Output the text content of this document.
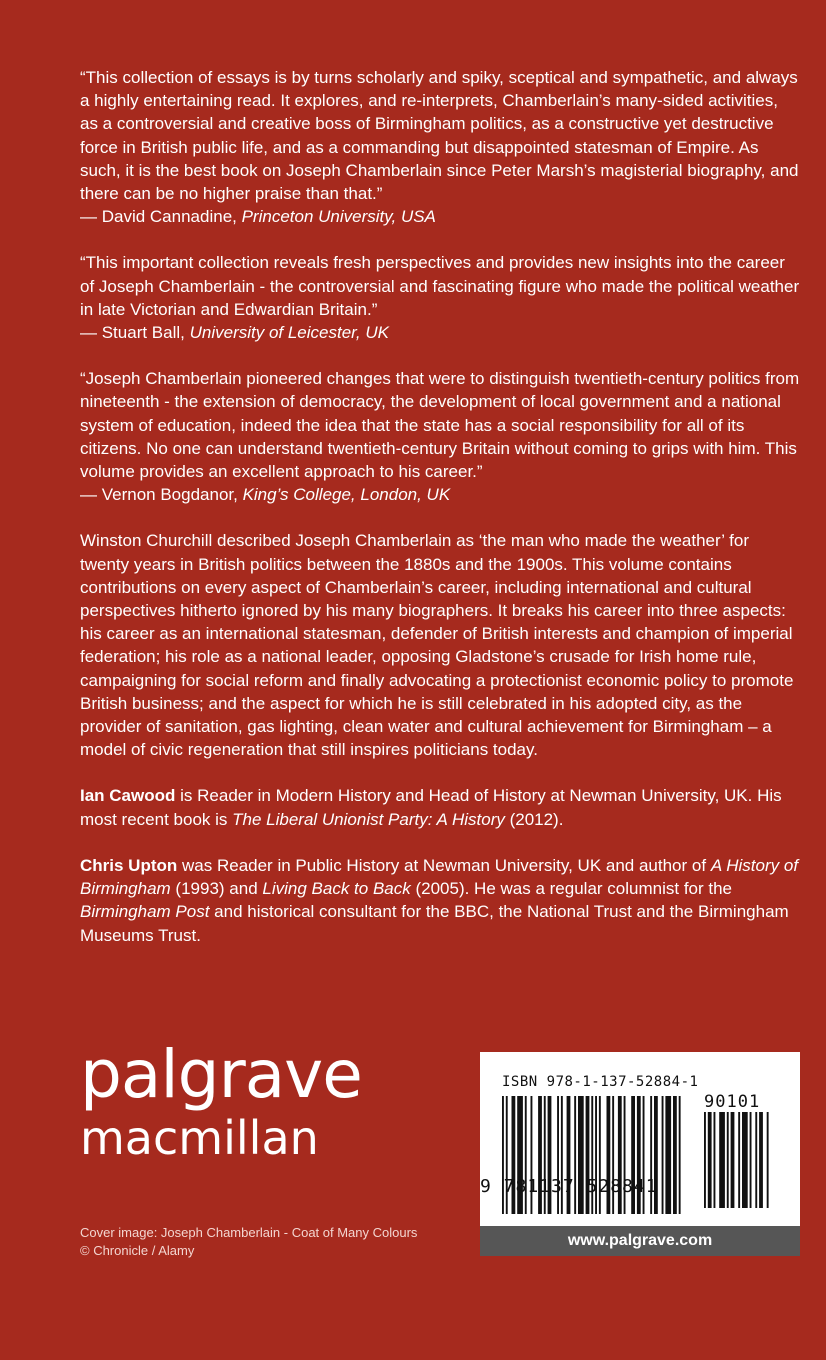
“This collection of essays is by turns scholarly and spiky, sceptical and sympathetic, and always a highly entertaining read. It explores, and re-interprets, Chamberlain’s many-sided activities, as a controversial and creative boss of Birmingham politics, as a constructive yet destructive force in British public life, and as a commanding but disappointed statesman of Empire. As such, it is the best book on Joseph Chamberlain since Peter Marsh’s magisterial biography, and there can be no higher praise than that.”

— David Cannadine, Princeton University, USA

“This important collection reveals fresh perspectives and provides new insights into the career of Joseph Chamberlain - the controversial and fascinating figure who made the political weather in late Victorian and Edwardian Britain.”

— Stuart Ball, University of Leicester, UK

“Joseph Chamberlain pioneered changes that were to distinguish twentieth-century politics from nineteenth - the extension of democracy, the development of local government and a national system of education, indeed the idea that the state has a social responsibility for all of its citizens. No one can understand twentieth-century Britain without coming to grips with him. This volume provides an excellent approach to his career.”

— Vernon Bogdanor, King’s College, London, UK

Winston Churchill described Joseph Chamberlain as ‘the man who made the weather’ for twenty years in British politics between the 1880s and the 1900s. This volume contains contributions on every aspect of Chamberlain’s career, including international and cultural perspectives hitherto ignored by his many biographers. It breaks his career into three aspects: his career as an international statesman, defender of British interests and champion of imperial federation; his role as a national leader, opposing Gladstone’s crusade for Irish home rule, campaigning for social reform and finally advocating a protectionist economic policy to promote British business; and the aspect for which he is still celebrated in his adopted city, as the provider of sanitation, gas lighting, clean water and cultural achievement for Birmingham – a model of civic regeneration that still inspires politicians today.

Ian Cawood is Reader in Modern History and Head of History at Newman University, UK. His most recent book is The Liberal Unionist Party: A History (2012).

Chris Upton was Reader in Public History at Newman University, UK and author of A History of Birmingham (1993) and Living Back to Back (2005). He was a regular columnist for the Birmingham Post and historical consultant for the BBC, the National Trust and the Birmingham Museums Trust.

palgrave
macmillan
Cover image: Joseph Chamberlain - Coat of Many Colours
© Chronicle / Alamy
ISBN 978-1-137-52884-1
90101
9 781137 528841
www.palgrave.com
